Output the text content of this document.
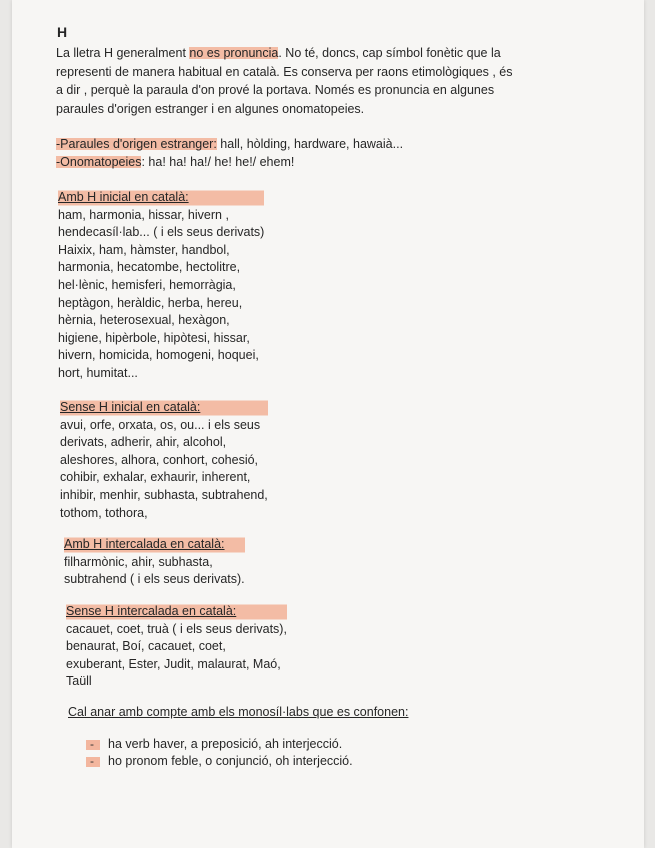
H
La lletra H generalment no es pronuncia. No té, doncs, cap símbol fonètic que la
representi de manera habitual en català. Es conserva per raons etimològiques , és
a dir , perquè la paraula d'on prové la portava. Només es pronuncia en algunes
paraules d'origen estranger i en algunes onomatopeies.
-Paraules d'origen estranger: hall, hòlding, hardware, hawaià...
-Onomatopeies: ha! ha! ha!/ he! he!/ ehem!
Amb H inicial en català:
ham, harmonia, hissar, hivern ,
hendecasíl·lab... ( i els seus derivats)
Haixix, ham, hàmster, handbol,
harmonia, hecatombe, hectolitre,
hel·lènic, hemisferi, hemorràgia,
heptàgon, heràldic, herba, hereu,
hèrnia, heterosexual, hexàgon,
higiene, hipèrbole, hipòtesi, hissar,
hivern, homicida, homogeni, hoquei,
hort, humitat...
Sense H inicial en català:
avui, orfe, orxata, os, ou... i els seus
derivats, adherir, ahir, alcohol,
aleshores, alhora, conhort, cohesió,
cohibir, exhalar, exhaurir, inherent,
inhibir, menhir, subhasta, subtrahend,
tothom, tothora,
Amb H intercalada en català:
filharmònic, ahir, subhasta,
subtrahend ( i els seus derivats).
Sense H intercalada en català:
cacauet, coet, truà ( i els seus derivats),
benaurat, Boí, cacauet, coet,
exuberant, Ester, Judit, malaurat, Maó,
Taüll
Cal anar amb compte amb els monosíl·labs que es confonen:
-ha verb haver, a preposició, ah interjecció.
-ho pronom feble, o conjunció, oh interjecció.
